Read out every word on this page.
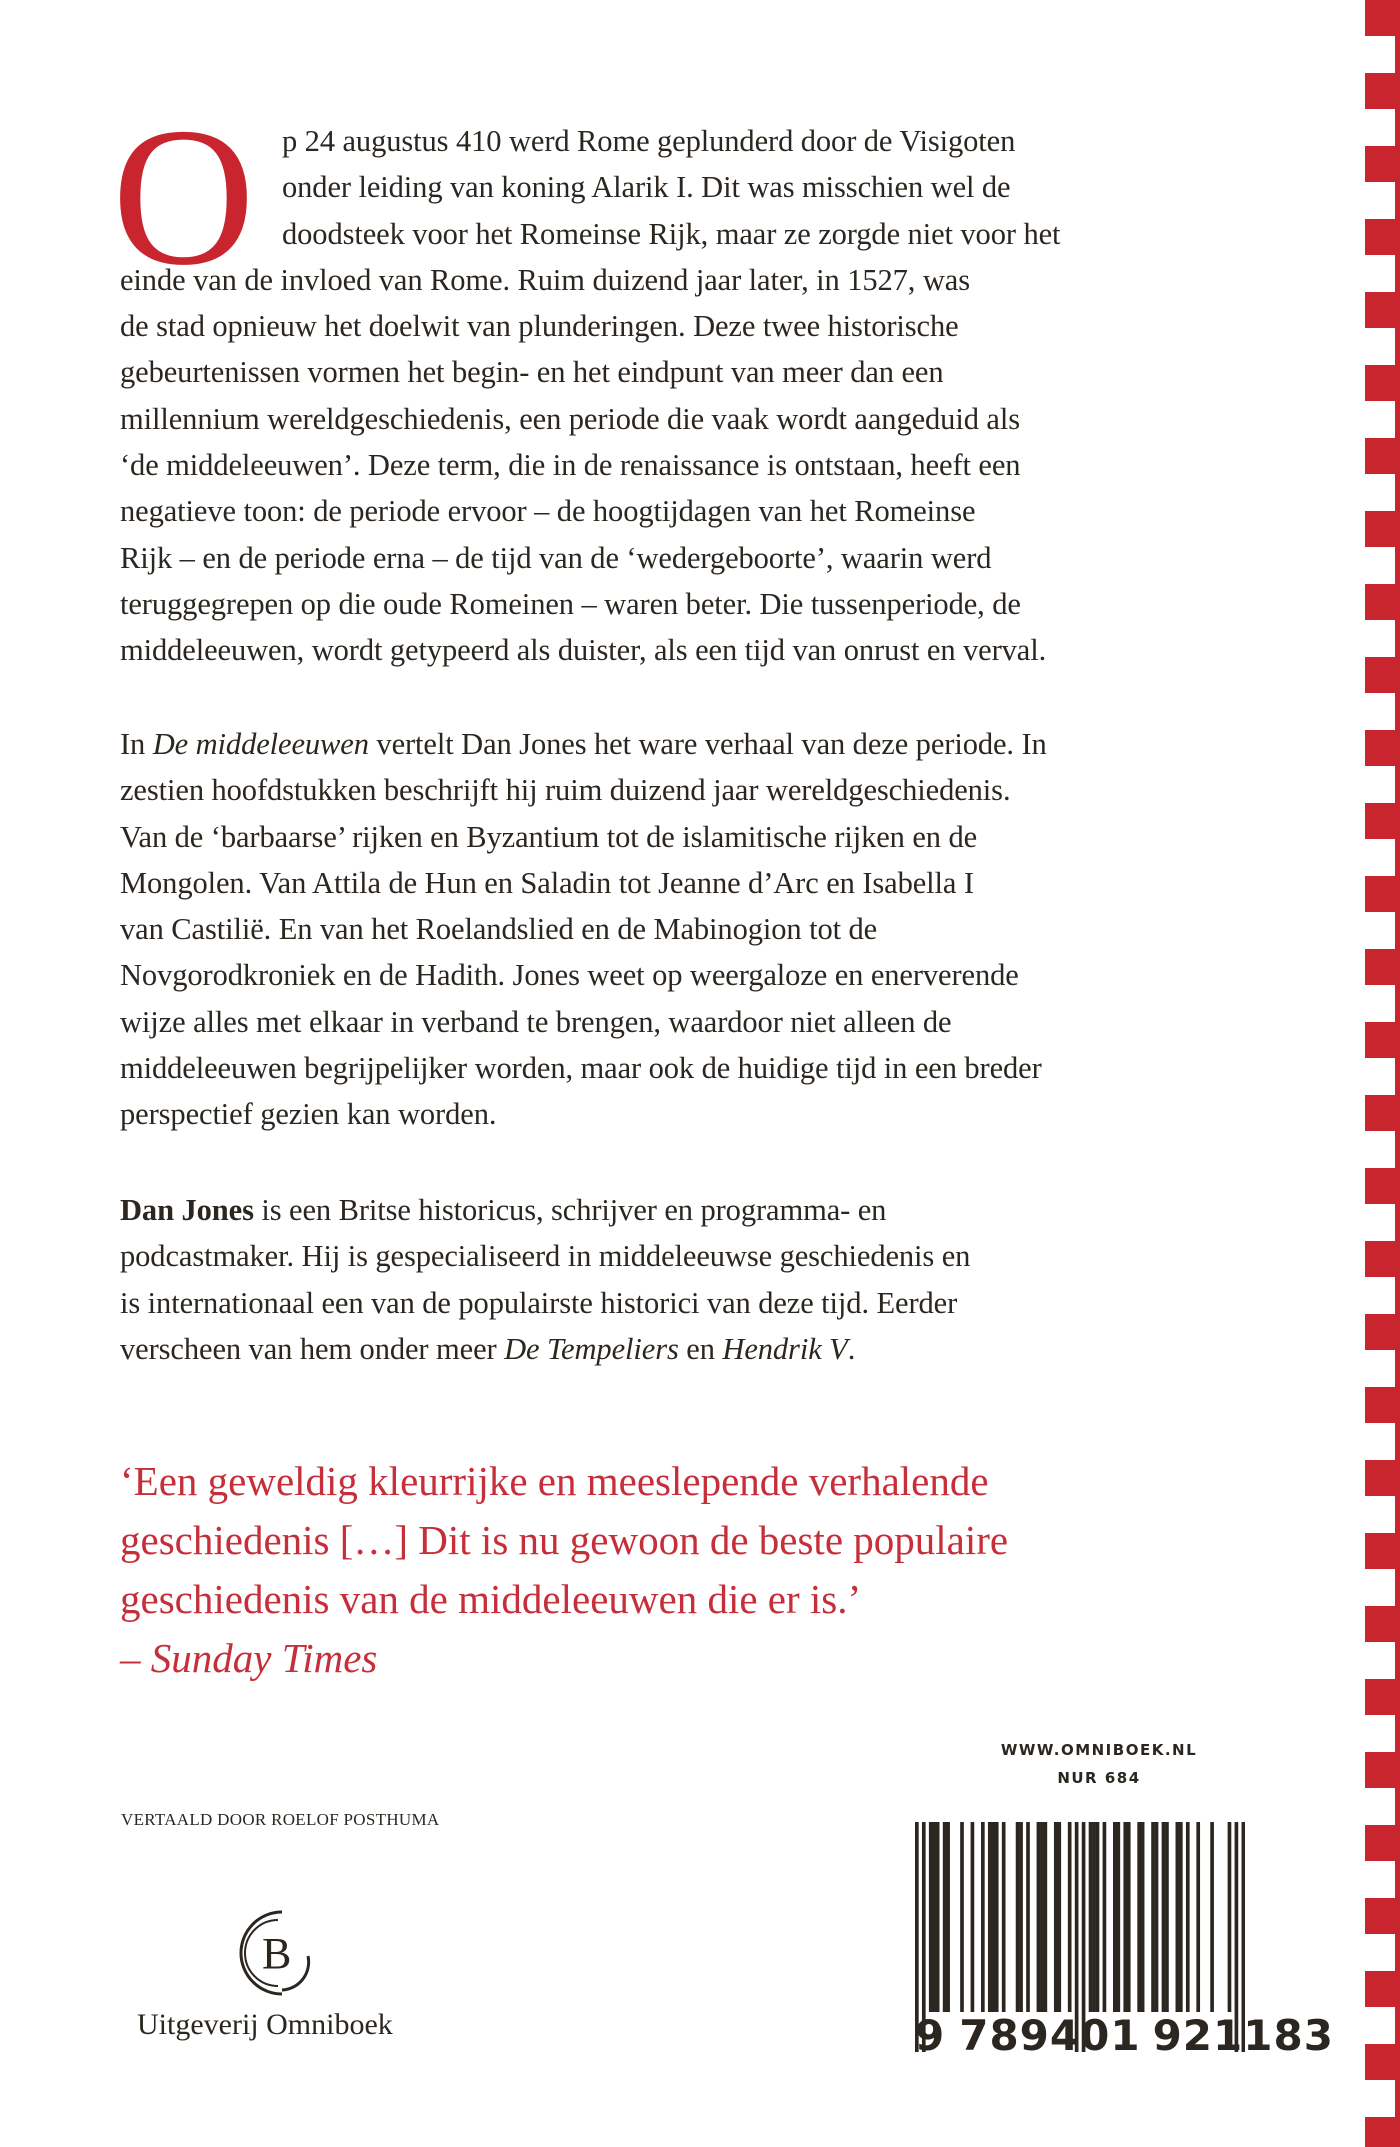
O p 24 augustus 410 werd Rome geplunderd door de Visigoten
onder leiding van koning Alarik I. Dit was misschien wel de
doodsteek voor het Romeinse Rijk, maar ze zorgde niet voor het
einde van de invloed van Rome. Ruim duizend jaar later, in 1527, was
de stad opnieuw het doelwit van plunderingen. Deze twee historische
gebeurtenissen vormen het begin- en het eindpunt van meer dan een
millennium wereldgeschiedenis, een periode die vaak wordt aangeduid als
‘de middeleeuwen’. Deze term, die in de renaissance is ontstaan, heeft een
negatieve toon: de periode ervoor – de hoogtijdagen van het Romeinse
Rijk – en de periode erna – de tijd van de ‘wedergeboorte’, waarin werd
teruggegrepen op die oude Romeinen – waren beter. Die tussenperiode, de
middeleeuwen, wordt getypeerd als duister, als een tijd van onrust en verval.
In De middeleeuwen vertelt Dan Jones het ware verhaal van deze periode. In
zestien hoofdstukken beschrijft hij ruim duizend jaar wereldgeschiedenis.
Van de ‘barbaarse’ rijken en Byzantium tot de islamitische rijken en de
Mongolen. Van Attila de Hun en Saladin tot Jeanne d’Arc en Isabella I
van Castilië. En van het Roelandslied en de Mabinogion tot de
Novgorodkroniek en de Hadith. Jones weet op weergaloze en enerverende
wijze alles met elkaar in verband te brengen, waardoor niet alleen de
middeleeuwen begrijpelijker worden, maar ook de huidige tijd in een breder
perspectief gezien kan worden.
Dan Jones is een Britse historicus, schrijver en programma- en
podcastmaker. Hij is gespecialiseerd in middeleeuwse geschiedenis en
is internationaal een van de populairste historici van deze tijd. Eerder
verscheen van hem onder meer De Tempeliers en Hendrik V.
‘Een geweldig kleurrijke en meeslepende verhalende
geschiedenis […] Dit is nu gewoon de beste populaire
geschiedenis van de middeleeuwen die er is.’
– Sunday Times
WWW.OMNIBOEK.NL
NUR 684
VERTAALD DOOR ROELOF POSTHUMA
B
Uitgeverij Omniboek	9 789401 921183
